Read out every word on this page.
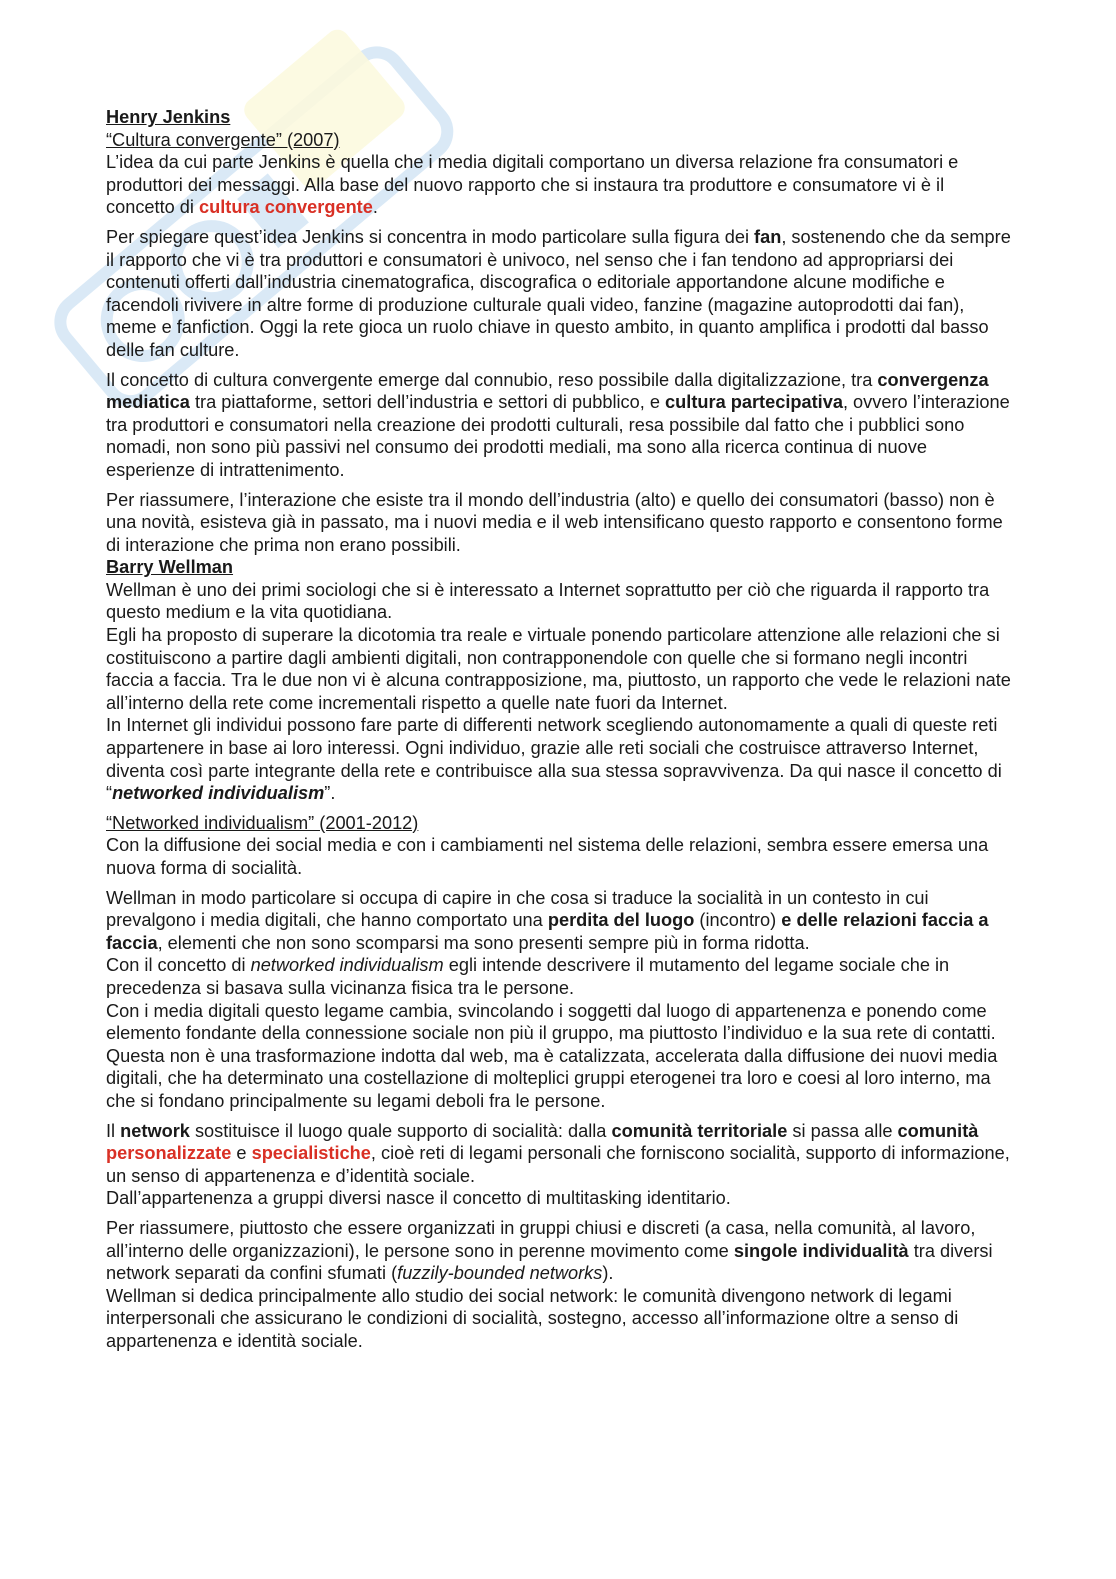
Henry Jenkins

“Cultura convergente” (2007)

L’idea da cui parte Jenkins è quella che i media digitali comportano un diversa relazione fra consumatori e produttori dei messaggi. Alla base del nuovo rapporto che si instaura tra produttore e consumatore vi è il concetto di cultura convergente.

Per spiegare quest’idea Jenkins si concentra in modo particolare sulla figura dei fan, sostenendo che da sempre il rapporto che vi è tra produttori e consumatori è univoco, nel senso che i fan tendono ad appropriarsi dei contenuti offerti dall’industria cinematografica, discografica o editoriale apportandone alcune modifiche e facendoli rivivere in altre forme di produzione culturale quali video, fanzine (magazine autoprodotti dai fan), meme e fanfiction. Oggi la rete gioca un ruolo chiave in questo ambito, in quanto amplifica i prodotti dal basso delle fan culture.

Il concetto di cultura convergente emerge dal connubio, reso possibile dalla digitalizzazione, tra convergenza mediatica tra piattaforme, settori dell’industria e settori di pubblico, e cultura partecipativa, ovvero l’interazione tra produttori e consumatori nella creazione dei prodotti culturali, resa possibile dal fatto che i pubblici sono nomadi, non sono più passivi nel consumo dei prodotti mediali, ma sono alla ricerca continua di nuove esperienze di intrattenimento.

Per riassumere, l’interazione che esiste tra il mondo dell’industria (alto) e quello dei consumatori (basso) non è una novità, esisteva già in passato, ma i nuovi media e il web intensificano questo rapporto e consentono forme di interazione che prima non erano possibili.

Barry Wellman

Wellman è uno dei primi sociologi che si è interessato a Internet soprattutto per ciò che riguarda il rapporto tra questo medium e la vita quotidiana.

Egli ha proposto di superare la dicotomia tra reale e virtuale ponendo particolare attenzione alle relazioni che si costituiscono a partire dagli ambienti digitali, non contrapponendole con quelle che si formano negli incontri faccia a faccia. Tra le due non vi è alcuna contrapposizione, ma, piuttosto, un rapporto che vede le relazioni nate all’interno della rete come incrementali rispetto a quelle nate fuori da Internet.

In Internet gli individui possono fare parte di differenti network scegliendo autonomamente a quali di queste reti appartenere in base ai loro interessi. Ogni individuo, grazie alle reti sociali che costruisce attraverso Internet, diventa così parte integrante della rete e contribuisce alla sua stessa sopravvivenza. Da qui nasce il concetto di “networked individualism”.

“Networked individualism” (2001-2012)

Con la diffusione dei social media e con i cambiamenti nel sistema delle relazioni, sembra essere emersa una nuova forma di socialità.

Wellman in modo particolare si occupa di capire in che cosa si traduce la socialità in un contesto in cui prevalgono i media digitali, che hanno comportato una perdita del luogo (incontro) e delle relazioni faccia a faccia, elementi che non sono scomparsi ma sono presenti sempre più in forma ridotta.

Con il concetto di networked individualism egli intende descrivere il mutamento del legame sociale che in precedenza si basava sulla vicinanza fisica tra le persone.

Con i media digitali questo legame cambia, svincolando i soggetti dal luogo di appartenenza e ponendo come elemento fondante della connessione sociale non più il gruppo, ma piuttosto l’individuo e la sua rete di contatti.

Questa non è una trasformazione indotta dal web, ma è catalizzata, accelerata dalla diffusione dei nuovi media digitali, che ha determinato una costellazione di molteplici gruppi eterogenei tra loro e coesi al loro interno, ma che si fondano principalmente su legami deboli fra le persone.

Il network sostituisce il luogo quale supporto di socialità: dalla comunità territoriale si passa alle comunità personalizzate e specialistiche, cioè reti di legami personali che forniscono socialità, supporto di informazione, un senso di appartenenza e d’identità sociale.

Dall’appartenenza a gruppi diversi nasce il concetto di multitasking identitario.

Per riassumere, piuttosto che essere organizzati in gruppi chiusi e discreti (a casa, nella comunità, al lavoro, all’interno delle organizzazioni), le persone sono in perenne movimento come singole individualità tra diversi network separati da confini sfumati (fuzzily-bounded networks).

Wellman si dedica principalmente allo studio dei social network: le comunità divengono network di legami interpersonali che assicurano le condizioni di socialità, sostegno, accesso all’informazione oltre a senso di appartenenza e identità sociale.
